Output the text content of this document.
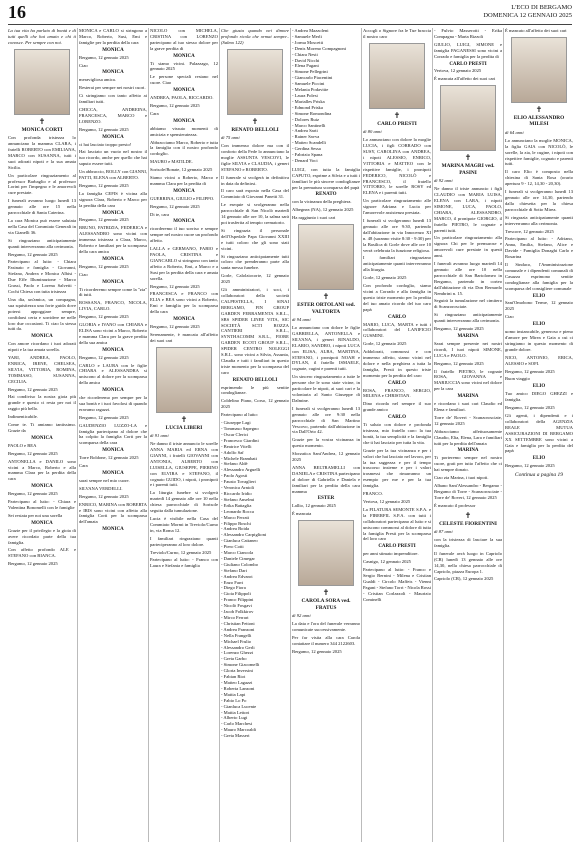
16	L'ECO DI BERGAMO
DOMENICA 12 GENNAIO 2025

La tua vita ha parlato di bontà e di tutti quelli che hai amato e chi ti conosce. Per sempre con noi.

✝
MONICA CORTI

Con profonda tristezza lo annunciano la mamma CLARA, i fratelli ROBERTO con EMILIANA, MARCO con SUSANNA, tutti i suoi adorati nipoti e la sua amata Sicilia.

Un particolare ringraziamento al professor Barbaglio e al professor Lorini per l'impegno e le amorevoli cure prestate.

I funerali avranno luogo lunedì 13 gennaio alle ore 15 nella parrocchiale di Santa Caterina.

La cara Monica può essere salutata nella Casa del Commiato Generali in via Gianelli 36.

Si ringraziano anticipatamente quanti interverranno alla cerimonia.

Bergamo, 12 gennaio 2025

Partecipano al lutto: - Chiara Fasinato e famiglia - Giovanni, Stefano, Andrea e Monica Albisi - Due Effe Illuminazione - Marco Grassi, Paolo e Lorena Salvetti - Cochi Chiesa con tutta tristezza

Una dia, un'amica, un compagna, sua squisitezza una forte guida dove potersi appoggiare sempre, confidarsi certa e sorridere ne nelle loro due occasioni. Ti ciao la stessa tutti da.

MONICA

Con amore ricordano i tuoi adorati nipoti e la tua amata sorella.

YARI, ANDREA, PAOLO, ENRICA, IRENE, CHELSEA, SILVIA, VITTORIA, ROMINA, TOMMASO, SUSANNA, CECILIA.

Bergamo, 12 gennaio 2025

Hai condiviso la nostra gioia più grande e questo ci resta per noi il raggio più bello.

Indimenticabile.

Come te. Ti amiamo tantissimo. Grazie da

MONICA

PAOLO e BEA

Bergamo, 12 gennaio 2025

ANTONELLA e DANILO sono vicini a Marco, Roberto e alla mamma Clara per la perdita della cara

MONICA

Bergamo, 12 gennaio 2025

Partecipano al lutto: - Chiara e Valentina Bonomelli con le famiglie

Sei restata per noi una sorella

MONICA

Grazie per il privilegio e la gioia di avere ricordato parte della tua famiglia.

Con affetto profondo ALE e STEFANO con BIANCA.

Bergamo, 12 gennaio 2025

MONICA e CARLO si stringono a Marco, Roberto, Susi, Emi e famiglie per la perdita della cara

MONICA

Bergamo, 12 gennaio 2025

Ciao

MONICA

meravigliosa amica.

Resterai per sempre nei nostri cuori.

Ci stringiamo con tanto affetto ai familiari tutti.

CHICCA, ANDREINA, FRANCESCA, MARCO e LORENZO.

Bergamo, 12 gennaio 2025

MONICA

ci hai lasciato troppo presto!

Hai lasciato un vuoto nel nostro il tuo ricordo, anche per quello che hai saputo essere tutti.

Un abbraccio, BOLLY con GIANNI, PATTI, ELENA con ALBERTO.

Bergamo, 12 gennaio 2025

La famiglia CEFIS è vicina alla signora Clara, Roberto e Marco per la perdita della cara

MONICA

Bergamo, 12 gennaio 2025

BRUNO, PATRIZIA, FEDERICA e ALESSANDRO sono vicini con immensa tristezza a Clara, Marco, Roberto e familiari per la scomparsa della cara amica

MONICA

Bergamo, 12 gennaio 2025

Ciao

MONICA

Ti ricorderemo sempre come la "zia" di tutti.

ROSSANA, FRANCO, NICOLA, LIVIA, CARLO.

Bergamo, 12 gennaio 2025

GLORIA e IVANO con CHIARA e ELISA sono vicini a Marco, Roberto e mamma Clara per la grave perdita della sua amica

MONICA

Bergamo, 12 gennaio 2025

CARLO e LAURA con le figlie CHIARA e ALESSANDRA si uniscono al dolore per la scomparsa della amica

MONICA

che ricorderemo per sempre per la sua bontà e i tuoi favolosi di quando eravamo ragazzi.

Bergamo, 12 gennaio 2025

GAUDENZIO LUZZO-LA e famiglia partecipano al dolore che ha colpito la famiglia Corti per la scomparsa della cara

MONICA

Torre Boldone, 12 gennaio 2025

Cara

MONICA

sarai sempre nel mio cuore.

SILVANA VERDELLI.

Bergamo, 12 gennaio 2025

ENRICO, MARINA con ROBERTA e IRIS sono vicini con affetto alla famiglia Corti per la scomparsa dell'amata

MONICA

NICOLO con MICHELA, CRISTINA con LORENZO partecipano al tuo stesso dolore per la grave perdita di

MONICA

Ti siamo vicini. Palazzago, 12 gennaio 2025

Le persone speciali restano nel cuore. Ciao

MONICA

ANDREA, PAOLA, RICCARDO.

Bergamo, 12 gennaio 2025

Cara

MONICA

abbiamo vissuto momenti di amicizia e spensieratezza.

Abbracciamo Marco, Roberto e tutta la famiglia con il nostro profondo cordoglio.

MAURO e MATILDE.

Sorisole/Bonate, 12 gennaio 2025

Siamo vicini a Roberto, Marco e mamma Clara per la perdita di

MONICA

GUERRINA, GIULIO e FILIPPO.

Bergamo, 12 gennaio 2025

Di te, cara

MONICA

ricorderemo il tuo sorriso e sempre sempre nel nostro cuore un profondo affetto.

LALLA e GERMANO, FABIO e PAOLA, CRISTINA e GIANCARLO si stringono con tanto affetto a Roberto, Emi, a Marco e a Susi per la perdita della cara e amata sorella.

Bergamo, 12 gennaio 2025

FRANCESCA e FRANCO con ELIA e BEA sono vicini a Roberto, Emi e famiglia per la scomparsa della cara

MONICA

Bergamo, 12 gennaio 2025

Serenamente, è mancata all'affetto dei suoi cari

✝
LUCIA LIBERI

di 91 anni

Ne danno il triste annuncio le sorelle ANNA MARIA ed ERNA con GIANNI, i fratelli GIOVANNI con ANTONIA, ALBERTO con LUISELLA, GIUSEPPE, PIERINO con ELVIRA e STEFANO, il cognato GUIDO, i nipoti, i pronipoti e i parenti tutti.

La liturgia funebre si svolgerà martedì 14 gennaio alle ore 10 nella chiesa parrocchiale di Sorisole seguita dalla tumulazione.

Lucia è visibile nella Casa del Commiato Mormi in Treviolo/Curno in, via Roma 12.

I familiari ringraziano quanti parteciperanno al loro dolore.

Treviolo/Curno, 12 gennaio 2025

Partecipano al lutto: - Franco con Laura e Stefania e famiglia

Che giusta quando nei dimore profondo ricola che ormai sempre.. (Salmo 122)

✝
RENATO BELLOLI

di 75 anni

Con immenso dolore ma con il conforto della Fede lo annunciano la moglie ASSUNTA VESCOVI, le figlie SILVIA e CLAUDIA, i generi STEFANO e ROBERTO.

Il funerale si svolgerà in definitiva in data da definirsi.

Il caro sarà esposto nella Casa del Commiato di Giovanni Panetti 31.

Le esequie si svolgeranno nella parrocchiale di San Nicolò martedì 14 gennaio alle ore 10, la salma sarà poi trasferita al tempio crematorio.

Si ringrazia il personale dell'Ospedale Papa Giovanni XXIII e tutti coloro che gli sono stati vicini.

Si ringraziano anticipatamente tutti coloro che prenderanno parte alla santa messa funebre.

Gorle, Calolziocorte, 12 gennaio 2025

Gli amministratori, i soci, i collaboratori della società CALPESTELLA, I SINAI BERGAMO, FIN GROUP GARDEN FERRAMENTA S.R.L., SBS SPIDER LINEE VITA, SIC SOCIETÀ SCTI ROZZA CANTIERI S.R.L., SYNTHACOMM S.R.L., FIORE GARDEN ECOTI GROUP S.R.L., SPIDER CENTRO NOLEGGI S.R.L. sono vicini a Silvia, Assunta, Claudia e tutti i familiari in questo triste momento per la scomparsa del caro

RENATO BELLOLI

esprimendo le più sentite condoglianze.

Coldelino Piano, Corso, 12 gennaio 2025

Partecipano al lutto:

- Giuseppe Lagi
- Tommaso Sapegno
- Oscar Clerici
- Francesco Giardini
- Beatrice Vitelli
- Adolfo Saf
- Michele Brambati
- Stefano Aldè
- Alessandro Arguelli
- Paolo Agosti
- Fausto Tovaglieri
- Veronica Arnioli
- Riccardo Iridio
- Stefano Anselmi
- Erika Battaglia
- Leonardo Rocca
- Marco Ferrati
- Filippo Boschi
- Andrea Boida
- Alessandro Carpiglioni
- Gianluca Cattaneo
- Piero Cotti
- Marco Ciancola
- Daniele Cimegar
- Giuliano Colombo
- Stefano Dari
- Andrea Edvarot
- Enzo Farri
- Diego Fiora
- Gioia Filippoli
- Franco Filippini
- Nicolò Fosgavi
- Jacob Folkkirov
- Mirco Ferrari
- Christian Fettoni
- Andrea Franzoni
- Nella Frangelli
- Michael Frulio
- Alessandro Gerli
- Lorenzo Ghezzi
- Greta Garbo
- Simone Giacomelli
- Gloria Inversini
- Fabian Riot
- Matteo Lagazzi
- Roberta Lanzoni
- Mattia Lapi
- Fabio Lo Po
- Gianluca Lucente
- Mattia Lettori
- Alberto Lugi
- Carlo Marchesi
- Mauro Marcoaldi
- Greta Masseri
- Andrea Mazzoleni
- Samuele Merli
- Jorma Moscetti
- Denis Moreno Compagnoni
- Chiara Nesti
- David Nicchi
- Elena Pagani
- Simone Pellegrini
- Giancarlo Piacentini
- Samuele Piccini
- Melania Podavitte
- Laura Polesi
- Marialles Priska
- Edmond Priska
- Simone Romondina
- Dolores Ruiz
- Marco Santinelli
- Andrea Sarti
- Rainer Savva
- Matteo Scandelli
- Gerdina Sessa
- Fabrizio Spana
- Denard Voci

LUIGI, con tutta la famiglia CAPUTO, esprime a Silvia e a tutti i familiari le più sincere condoglianze per la prematura scomparsa del papà

RENATO

con la vicinanza della preghiera.

Albegnea (NA), 12 gennaio 2025

Ha raggiunto i suoi cari

✝
ESTER ORTOLANI ved. VALTORTA

di 94 anni

Lo annunciano con dolore le figlie GABRIELLA, ANTONELLA e SILVANA, i generi RINALDO, ELARIO, SANDRO, i nipoti LUCA con ELISA, ALBA, MARTINA, STEFANO, i pronipoti NOAH e DYLAN, il fratello ISMAELE, cognate, cugini e parenti tutti.

Un sincero ringraziamento a tutte le persone che le sono state vicine, in particolare le nipoti, ai suoi cari e la volontaria al Santo Giuseppe di Dalmine.

I funerali si svolgeranno lunedì 13 gennaio alle ore 9:30 nella parrocchiale di San Martino Vescovo, partendo dall'abitazione in via Dall'Orto 42.

Grazie per la vostra vicinanza in questo momento.

Sforzatica Sant'Andrea, 12 gennaio 2025

ANNA BELTRAMELLI con DANIELA e CRISTINA partecipano al dolore di Gabriella e Daniela e familiari per la perdita della cara mamma

ESTER

Lallio, 12 gennaio 2025

È mancata

✝
CAROLA SORA ved. FRATUS

di 92 anni

La data e l'ora del funerale verranno comunicate successivamente.

Per far visita alla cara Carola contattare il numero 344 2122603.

Bergamo, 12 gennaio 2025

Accogli o Signore fra le Tue braccia il nostro caro

✝
CARLO PRESTI

di 80 anni

Lo annunciano con dolore la moglie LUCIA, i figli CORRADO con SUSY, CAROLINA con ANDREA, i nipoti ALESSIO, ENRICO, VITTORIA e MATTEO con le rispettive famiglie, i pronipoti FEDERICO, NICOLÒ e FRANCESCO, il fratello VITTORIO, le sorelle ROSY ed ELENA e i parenti tutti.

Un particolare ringraziamento alle signore Adriana e Lucia per l'amorevole assistenza prestata.

I funerali si svolgeranno lunedì 13 gennaio alle ore 9:30, partendo dall'abitazione in via Innocenzo XI n. 48 (saranno visite 8:30 - 9:30) per la Basilica di Gorle dove alle ore 10 verrà celebrata la funzione religiosa.

I familiari ringraziano anticipatamente quanti interverranno alla liturgia.

Gorle, 12 gennaio 2025

Con profondo cordoglio, siamo vicini a Corrado e alla famiglia in questo triste momento per la perdita del tuo amato ricordo del tuo caro papà

CARLO

MARIO, LUCA, MARTA e tutti i collaboratori del LANIFICIO GUSMINI.

Gorle, 12 gennaio 2025

Addolorati, commossi e con immenso affetto, siamo vicini nel dolore e nella preghiera a tutta la famiglia, Presti in questo triste momento per la perdita del caro

CARLO

ROSA, FRANCO, SERGIO, MILENA e CHRISTIAN.

Dino ricorda nel sempre il suo grande amico

CARLO

Ti saluto con dolore e profonda tristezza, mio fratello caro: la tua bontà, la tua semplicità e la famiglia che ti hai lasciato per tutta la vita.

Grazie per la tua vicinanza e per i valori che hai lasciato nel lavoro, per la tua saggezza e per il tempo trascorso insieme e per i valori trasmessi che rimarranno un esempio per me e per la tua famiglia.

FRANCO.

Vertova, 12 gennaio 2025

La FILATURA SEMONTE S.P.A. e la FIBERFIL S.P.A. con tutti i collaboratori partecipano al lutto e si uniscono commossi al dolore di tutta la famiglia Presti per la scomparsa del loro caro

CARLO PRESTI

per anni stimato imprenditore.

Casnigo, 12 gennaio 2025

Partecipano al lutto: - Franco e Sergio Bernini - Milena e Cristian Gualdi - Circolo Maffeis - Vienni Pagani - Stefano Torri - Nicola Rossi - Cristian Corlazzoli - Maurizio Cominelli

- Fulvio Masserotti - Erika Compagna - Marta Rizzoli

GIULIO, LUIGI, SIMONE e famiglia PAGANESSI sono vicini a Corrado e famiglia per la perdita di

CARLO PRESTI

Vertova, 12 gennaio 2025

È mancata all'affetto dei suoi cari

✝
MARINA MAGRI ved. PASINI

di 92 anni

Ne danno il triste annuncio i figli CLAUDIO con MARIA LUISA, ELENA con LARA, i nipoti SIMONE, LUCA, PAOLO, CHIARA, ALESSANDRO, MARCO, il pronipote GIORGIO, il fratello PIETRO, le cognate e parenti tutti.

Un particolare ringraziamento alla signora Chi per le premurose e amorevoli cure prestate in questi anni.

I funerali avranno luogo martedì 14 gennaio alle ore 10 nella parrocchiale di San Bartolomeo in Bergamo, partendo in corteo dall'abitazione di via Don Bernardo Nembrini n. 15.

Seguirà la tumulazione nel cimitero di Scanzorosciate.

Si ringraziano anticipatamente quanti interverranno alla cerimonia.

Bergamo, 12 gennaio 2025

MARINA

Sarai sempre presente nei nostri ricordi, I tuoi nipoti SIMONE, LUCA e PAOLO.

Bergamo, 12 gennaio 2025

Il fratello PIETRO, le cognate ROSA, GIOVANNA e MARIUCCIA sono vicini nel dolore per la cara

MARINA

e ricordano i suoi cari Claudio ed Elena e familiari.

Torre de' Roveri - Scanzorosciate, 12 gennaio 2025

Abbracciamo affettuosamente Claudio, Elia, Elena, Lara e familiari tutti per la perdita dell'amata

MARINA

Ti porteremo sempre nel nostro cuore, grati per tutto l'affetto che ci hai sempre donato.

Ciao zia Marina, i tuoi nipoti.

Albano Sant'Alessandro - Bergamo - Bergamo di Torre - Scanzorosciate - Torre de' Roveri, 12 gennaio 2025

È mancato il professor

✝
CELESTE FIORENTINI

di 87 anni

con la tristezza di lasciare la sua famiglia.

Il funerale avrà luogo in Capriolo (CR) lunedì 13 gennaio alle ore 14,30, nella chiesa parrocchiale di Capriolo, piazza Europa 1.

Capriolo (CR), 12 gennaio 2025

È mancato all'affetto dei suoi cari

✝
ELIO ALESSANDRO MILESI

di 64 anni

Lo annunciano la moglie MONICA, la figlia GAIA con NICOLÒ, le sorelle, la zia, le cugine, i nipoti con rispettive famiglie, cognato e parenti tutti.

Il caro Elio è composto nella chiesina di Santa Rosa (orario apertura 9 - 12, 14,30 - 20,30).

I funerali si svolgeranno lunedì 13 gennaio alle ore 14,30, partendo dalla chiesetta per la chiesa parrocchiale di Sotto Mirea.

Si ringrazia anticipatamente quanti interverranno alla cerimonia.

Trescore, 12 gennaio 2025

Partecipano al lutto: - Adriano, Anna, Emilia, Stefano, Alice e Davide - Famiglia Donaghi Carlo e Rosarina

Il Sindaco, l'Amministrazione comunale e i dipendenti comunali di Casazza esprimono sentite condoglianze alla famiglia per la scomparsa del consigliere comunale

ELIO

Sant'Omobono Terme, 12 gennaio 2025

Ciao

ELIO

uomo instancabile, generoso e pieno d'amore per Mirea e Gaia a cui ci stringiamo in questo momento di grande dolore.

NICO, ANTONIO, ERICA, ALESSIO e SOFI.

Bergamo, 12 gennaio 2025

Buon viaggio

ELIO

Tuo amico DIEGO GHEZZI e famiglia.

Bergamo, 12 gennaio 2025

Gli agenti, i dipendenti e i collaboratori della AGENZIA REALE MUTUA ASSICURAZIONI DI BERGAMO XX SETTEMBRE sono vicini a Gaia e famiglia per la perdita del papà

ELIO

Bergamo, 12 gennaio 2025

Continua a pagina 19
